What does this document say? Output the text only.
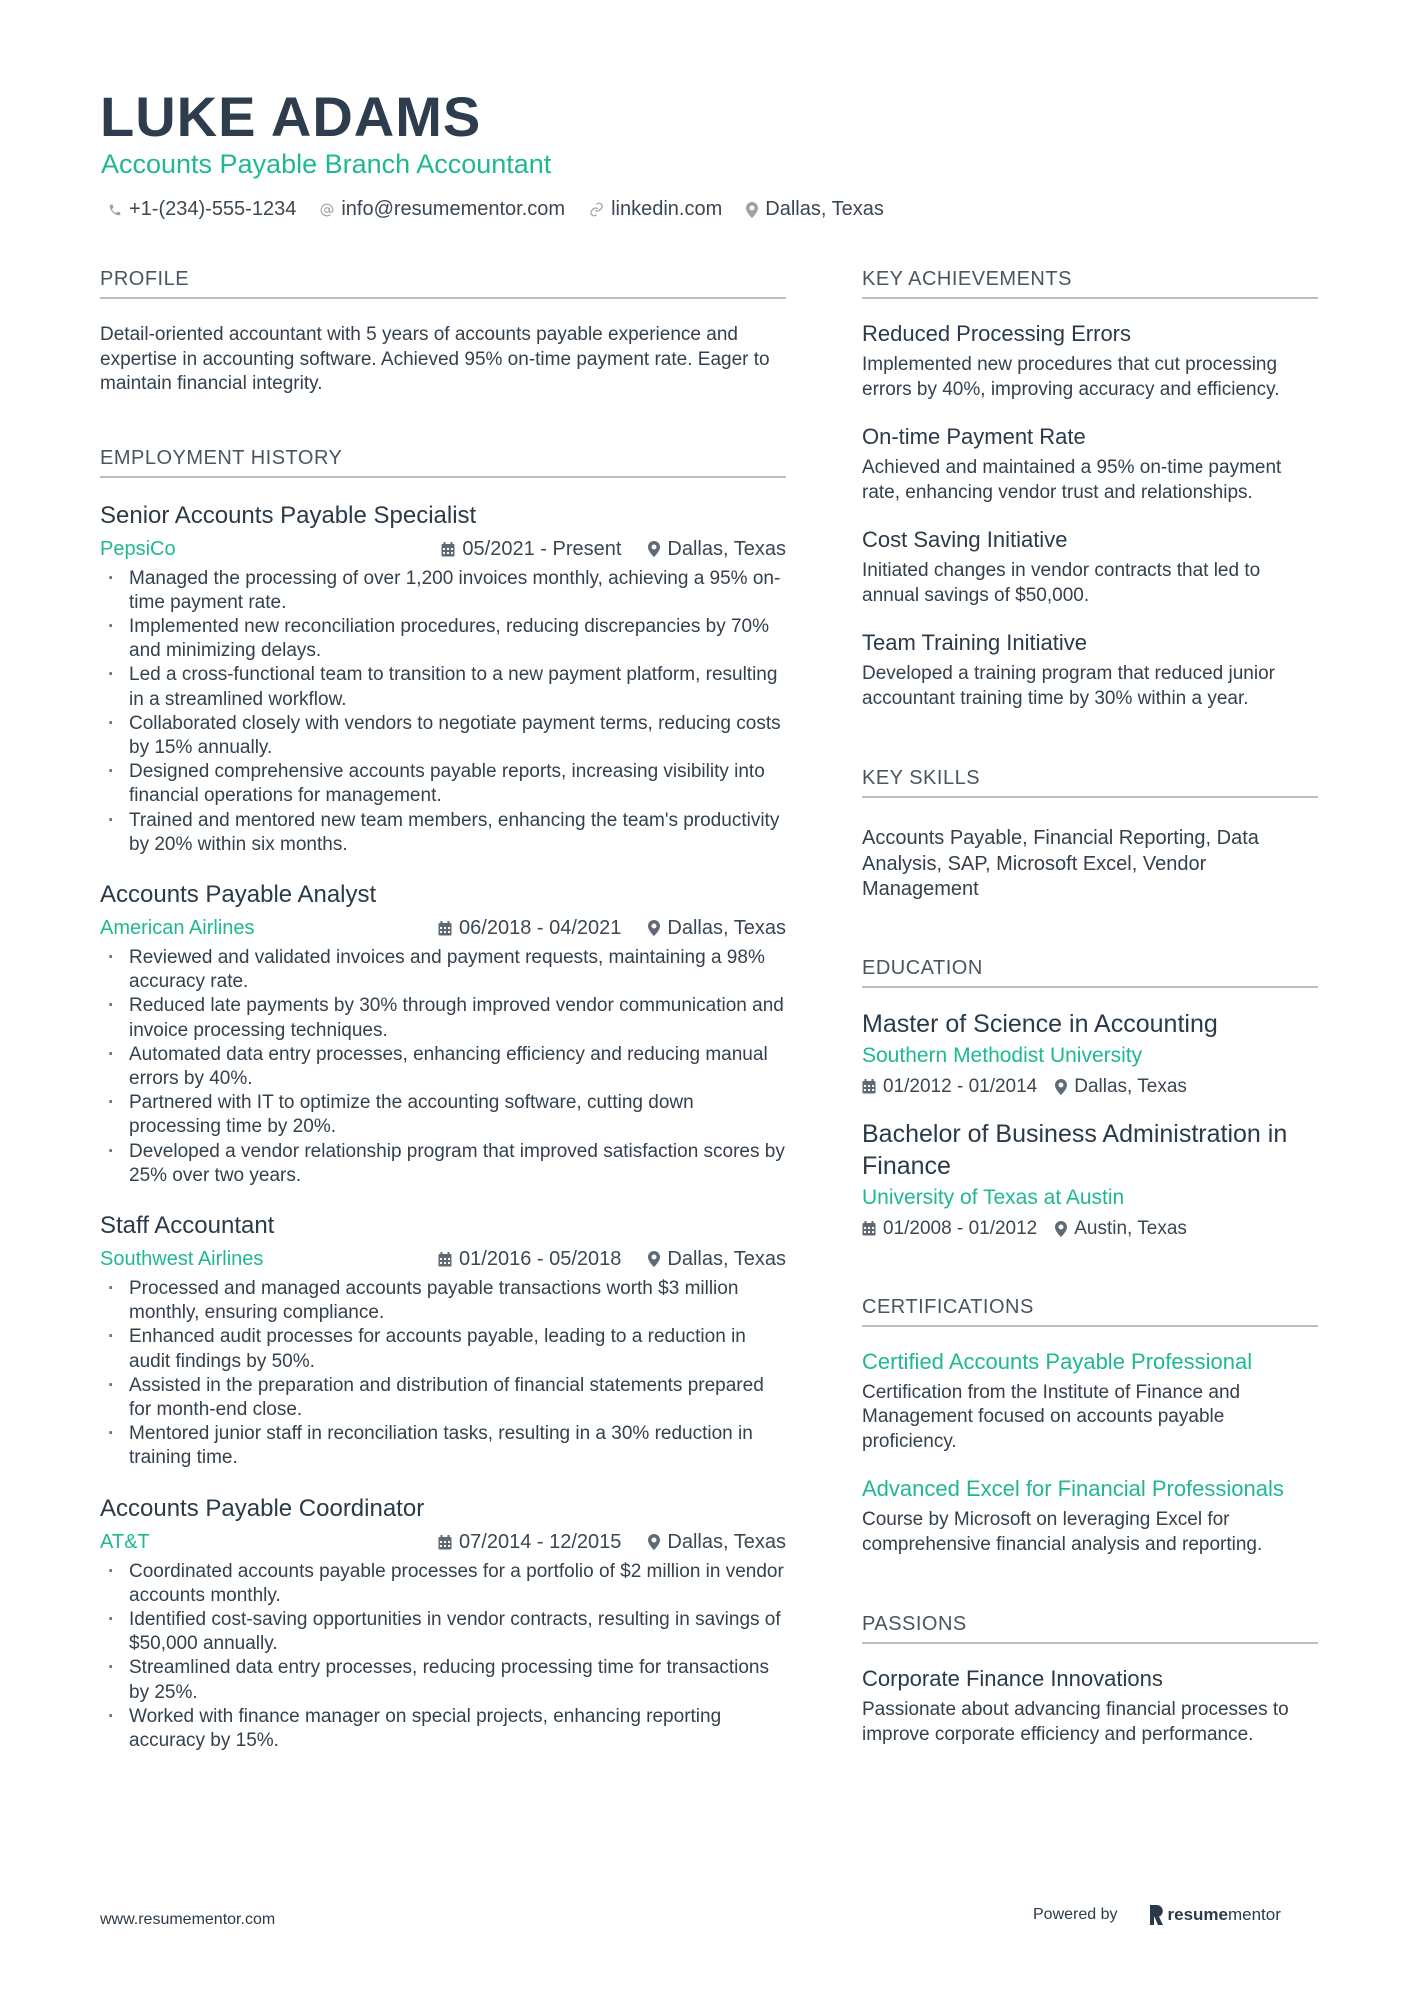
LUKE ADAMS
Accounts Payable Branch Accountant
+1-(234)-555-1234 info@resumementor.com linkedin.com Dallas, Texas
PROFILE
Detail-oriented accountant with 5 years of accounts payable experience and expertise in accounting software. Achieved 95% on-time payment rate. Eager to maintain financial integrity.
EMPLOYMENT HISTORY
Senior Accounts Payable Specialist
PepsiCo	05/2021 - Present Dallas, Texas
· Managed the processing of over 1,200 invoices monthly, achieving a 95% on-time payment rate.
· Implemented new reconciliation procedures, reducing discrepancies by 70% and minimizing delays.
· Led a cross-functional team to transition to a new payment platform, resulting in a streamlined workflow.
· Collaborated closely with vendors to negotiate payment terms, reducing costs by 15% annually.
· Designed comprehensive accounts payable reports, increasing visibility into financial operations for management.
· Trained and mentored new team members, enhancing the team's productivity by 20% within six months.
Accounts Payable Analyst
American Airlines	06/2018 - 04/2021 Dallas, Texas
· Reviewed and validated invoices and payment requests, maintaining a 98% accuracy rate.
· Reduced late payments by 30% through improved vendor communication and invoice processing techniques.
· Automated data entry processes, enhancing efficiency and reducing manual errors by 40%.
· Partnered with IT to optimize the accounting software, cutting down processing time by 20%.
· Developed a vendor relationship program that improved satisfaction scores by 25% over two years.
Staff Accountant
Southwest Airlines	01/2016 - 05/2018 Dallas, Texas
· Processed and managed accounts payable transactions worth $3 million monthly, ensuring compliance.
· Enhanced audit processes for accounts payable, leading to a reduction in audit findings by 50%.
· Assisted in the preparation and distribution of financial statements prepared for month-end close.
· Mentored junior staff in reconciliation tasks, resulting in a 30% reduction in training time.
Accounts Payable Coordinator
AT&T	07/2014 - 12/2015 Dallas, Texas
· Coordinated accounts payable processes for a portfolio of $2 million in vendor accounts monthly.
· Identified cost-saving opportunities in vendor contracts, resulting in savings of $50,000 annually.
· Streamlined data entry processes, reducing processing time for transactions by 25%.
· Worked with finance manager on special projects, enhancing reporting accuracy by 15%.
KEY ACHIEVEMENTS
Reduced Processing Errors
Implemented new procedures that cut processing errors by 40%, improving accuracy and efficiency.
On-time Payment Rate
Achieved and maintained a 95% on-time payment rate, enhancing vendor trust and relationships.
Cost Saving Initiative
Initiated changes in vendor contracts that led to annual savings of $50,000.
Team Training Initiative
Developed a training program that reduced junior accountant training time by 30% within a year.
KEY SKILLS
Accounts Payable, Financial Reporting, Data Analysis, SAP, Microsoft Excel, Vendor Management
EDUCATION
Master of Science in Accounting
Southern Methodist University
01/2012 - 01/2014 Dallas, Texas
Bachelor of Business Administration in Finance
University of Texas at Austin
01/2008 - 01/2012 Austin, Texas
CERTIFICATIONS
Certified Accounts Payable Professional
Certification from the Institute of Finance and Management focused on accounts payable proficiency.
Advanced Excel for Financial Professionals
Course by Microsoft on leveraging Excel for comprehensive financial analysis and reporting.
PASSIONS
Corporate Finance Innovations
Passionate about advancing financial processes to improve corporate efficiency and performance.
www.resumementor.com	Powered by	resume mentor
